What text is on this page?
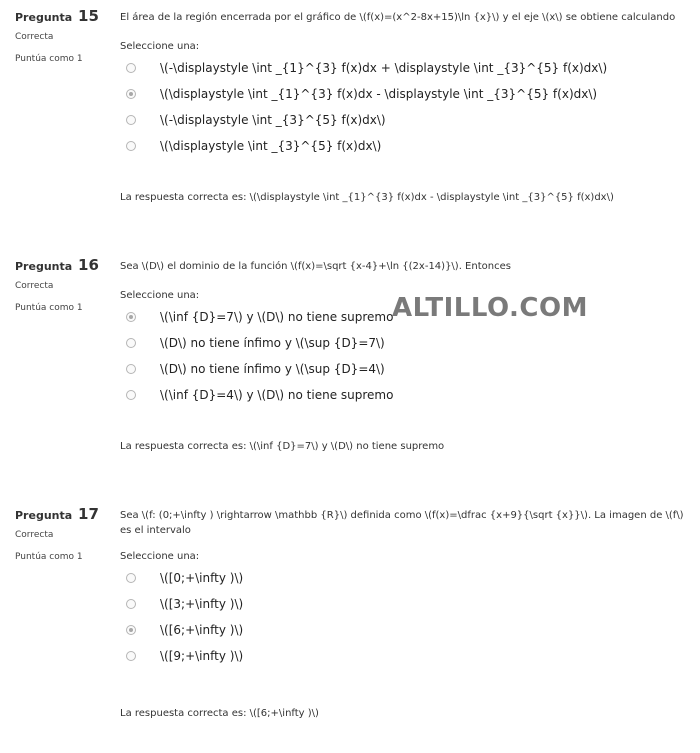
Pregunta 15
Correcta
Puntúa como 1
El área de la región encerrada por el gráfico de \(f(x)=(x^2-8x+15)\ln {x}\) y el eje \(x\) se obtiene calculando
Seleccione una:
\(-\displaystyle \int _{1}^{3} f(x)dx + \displaystyle \int _{3}^{5} f(x)dx\)
\(\displaystyle \int _{1}^{3} f(x)dx - \displaystyle \int _{3}^{5} f(x)dx\)
\(-\displaystyle \int _{3}^{5} f(x)dx\)
\(\displaystyle \int _{3}^{5} f(x)dx\)
La respuesta correcta es: \(\displaystyle \int _{1}^{3} f(x)dx - \displaystyle \int _{3}^{5} f(x)dx\)
Pregunta 16
Correcta
Puntúa como 1
Sea \(D\) el dominio de la función \(f(x)=\sqrt {x-4}+\ln {(2x-14)}\). Entonces
Seleccione una:
\(\inf {D}=7\) y \(D\) no tiene supremo
\(D\) no tiene ínfimo y \(\sup {D}=7\)
\(D\) no tiene ínfimo y \(\sup {D}=4\)
\(\inf {D}=4\) y \(D\) no tiene supremo
La respuesta correcta es: \(\inf {D}=7\) y \(D\) no tiene supremo
Pregunta 17
Correcta
Puntúa como 1
Sea \(f: (0;+\infty ) \rightarrow \mathbb {R}\) definida como \(f(x)=\dfrac {x+9}{\sqrt {x}}\). La imagen de \(f\) es el intervalo
Seleccione una:
\([0;+\infty )\)
\([3;+\infty )\)
\([6;+\infty )\)
\([9;+\infty )\)
La respuesta correcta es: \([6;+\infty )\)
ALTILLO.COM
